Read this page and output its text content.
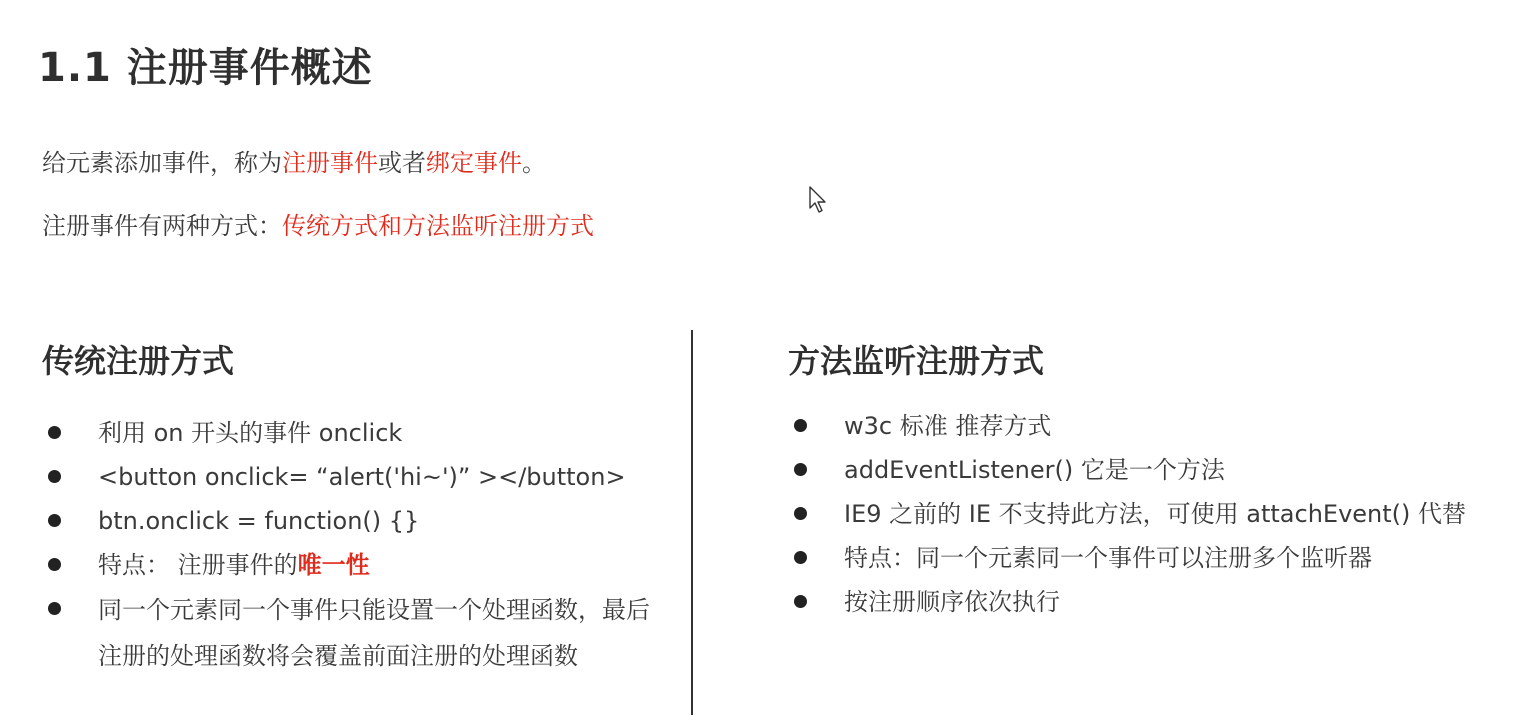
1.1 注册事件概述
给元素添加事件，称为注册事件或者绑定事件。
注册事件有两种方式：传统方式和方法监听注册方式
传统注册方式
利用 on 开头的事件 onclick
<button onclick= “alert('hi~')” ></button>
btn.onclick = function() {}
特点： 注册事件的唯一性
同一个元素同一个事件只能设置一个处理函数，最后注册的处理函数将会覆盖前面注册的处理函数
方法监听注册方式
w3c 标准 推荐方式
addEventListener() 它是一个方法
IE9 之前的 IE 不支持此方法，可使用 attachEvent() 代替
特点：同一个元素同一个事件可以注册多个监听器
按注册顺序依次执行
